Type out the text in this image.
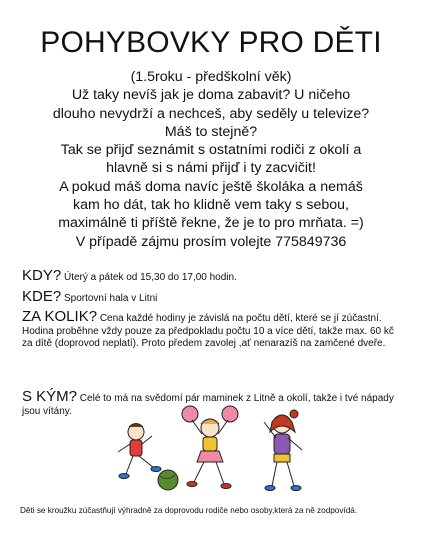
POHYBOVKY PRO DĚTI
(1.5roku - předškolní věk)
Už taky nevíš jak je doma zabavit? U ničeho
dlouho nevydrží a nechceš, aby seděly u televize?
Máš to stejně?
Tak se přijď seznámit s ostatními rodiči z okolí a
hlavně si s námi přijď i ty zacvičit!
A pokud máš doma navíc ještě školáka a nemáš
kam ho dát, tak ho klidně vem taky s sebou,
maximálně ti příště řekne, že je to pro mrňata. =)
V případě zájmu prosím volejte 775849736
KDY? Úterý a pátek od 15,30 do 17,00 hodin.
KDE? Sportovní hala v Litni
ZA KOLIK? Cena každé hodiny je závislá na počtu dětí, které se jí zúčastní. Hodina proběhne vždy pouze za předpokladu počtu 10 a více dětí, takže max. 60 kč za dítě (doprovod neplatí). Proto předem zavolej ,ať nenarazíš na zamčené dveře.
S KÝM? Celé to má na svědomí pár maminek z Litně a okolí, takže i tvé nápady jsou vítány.
Děti se kroužku zúčastňují výhradně za doprovodu rodiče nebo osoby,která za ně zodpovídá.
